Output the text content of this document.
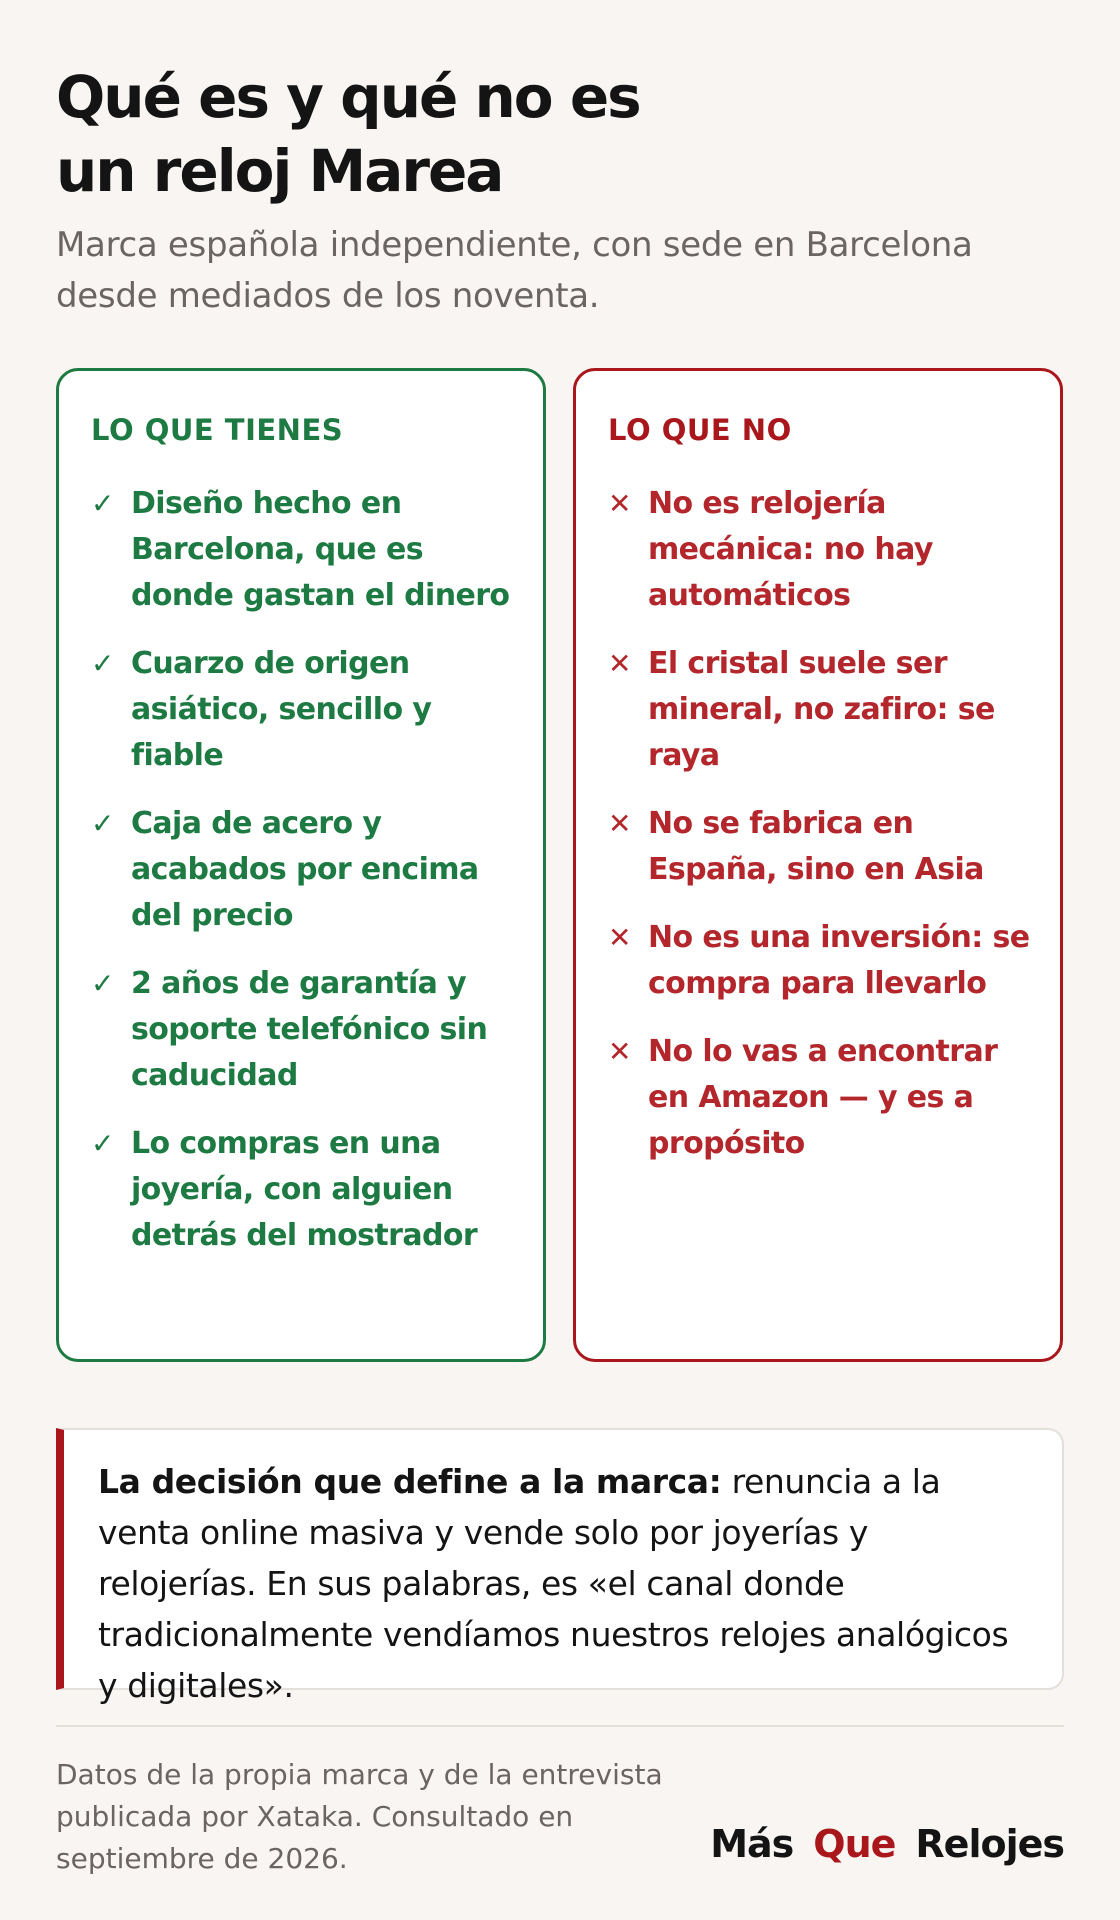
Qué es y qué no es
un reloj Marea

Marca española independiente, con sede en Barcelona desde mediados de los noventa.

LO QUE TIENES
✓ Diseño hecho en Barcelona, que es donde gastan el dinero
✓ Cuarzo de origen asiático, sencillo y fiable
✓ Caja de acero y acabados por encima del precio
✓ 2 años de garantía y soporte telefónico sin caducidad
✓ Lo compras en una joyería, con alguien detrás del mostrador
LO QUE NO
✕ No es relojería mecánica: no hay automáticos
✕ El cristal suele ser mineral, no zafiro: se raya
✕ No se fabrica en España, sino en Asia
✕ No es una inversión: se compra para llevarlo
✕ No lo vas a encontrar en Amazon — y es a propósito

La decisión que define a la marca: renuncia a la venta online masiva y vende solo por joyerías y relojerías. En sus palabras, es «el canal donde tradicionalmente vendíamos nuestros relojes analógicos y digitales».

Datos de la propia marca y de la entrevista publicada por Xataka. Consultado en septiembre de 2026.	Más Que Relojes
